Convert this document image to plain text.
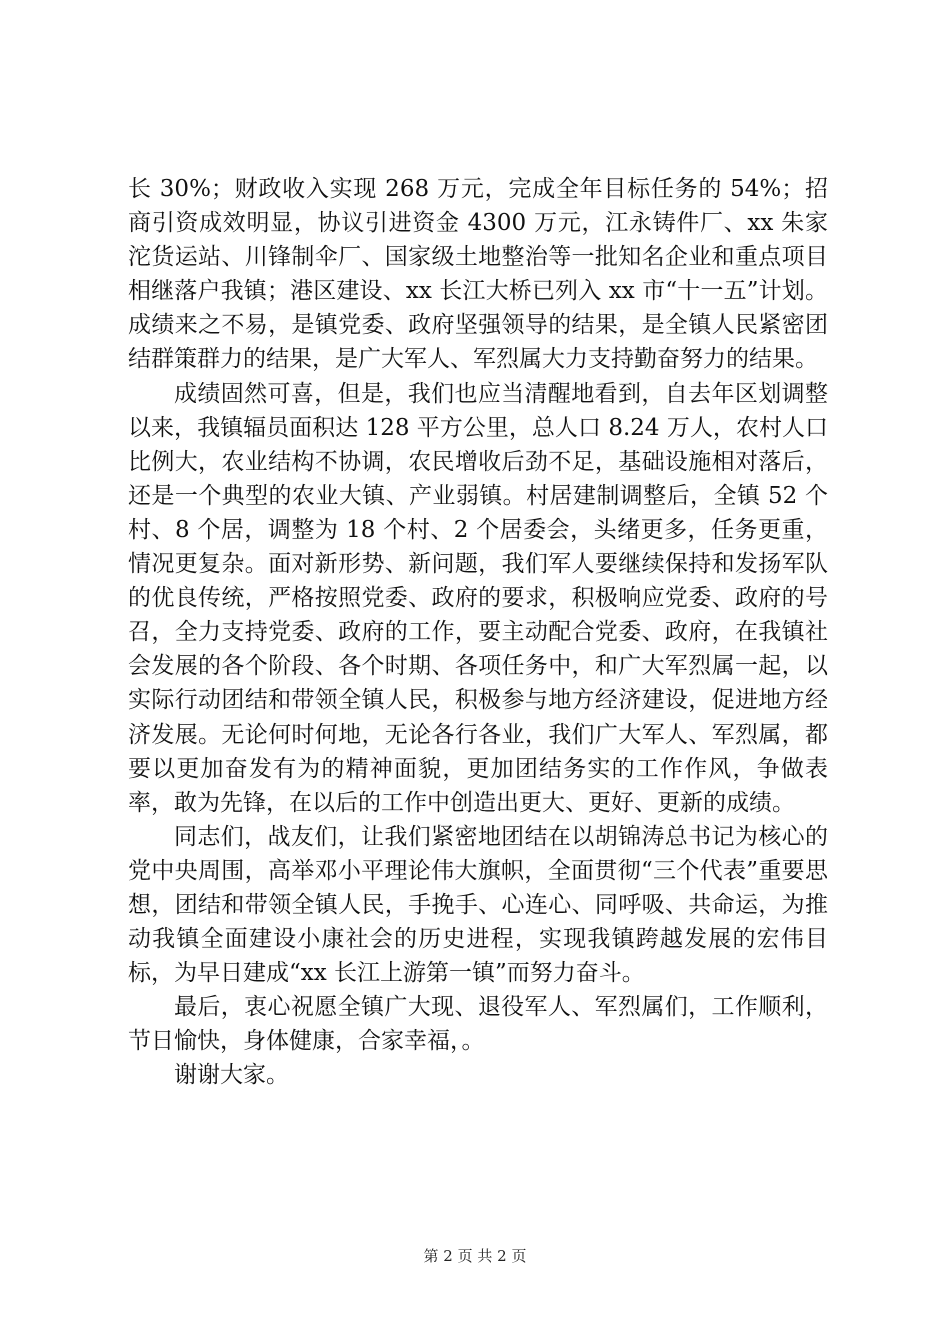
长 30%；财政收入实现 268 万元，完成全年目标任务的 54%；招商引资成效明显，协议引进资金 4300 万元，江永铸件厂、xx 朱家沱货运站、川锋制伞厂、国家级土地整治等一批知名企业和重点项目相继落户我镇；港区建设、xx 长江大桥已列入 xx 市“十一五”计划。成绩来之不易，是镇党委、政府坚强领导的结果，是全镇人民紧密团结群策群力的结果，是广大军人、军烈属大力支持勤奋努力的结果。

成绩固然可喜，但是，我们也应当清醒地看到，自去年区划调整以来，我镇辐员面积达 128 平方公里，总人口 8.24 万人，农村人口比例大，农业结构不协调，农民增收后劲不足，基础设施相对落后，还是一个典型的农业大镇、产业弱镇。村居建制调整后，全镇 52 个村、8 个居，调整为 18 个村、2 个居委会，头绪更多，任务更重，情况更复杂。面对新形势、新问题，我们军人要继续保持和发扬军队的优良传统，严格按照党委、政府的要求，积极响应党委、政府的号召，全力支持党委、政府的工作，要主动配合党委、政府，在我镇社会发展的各个阶段、各个时期、各项任务中，和广大军烈属一起，以实际行动团结和带领全镇人民，积极参与地方经济建设，促进地方经济发展。无论何时何地，无论各行各业，我们广大军人、军烈属，都要以更加奋发有为的精神面貌，更加团结务实的工作作风，争做表率，敢为先锋，在以后的工作中创造出更大、更好、更新的成绩。

同志们，战友们，让我们紧密地团结在以胡锦涛总书记为核心的党中央周围，高举邓小平理论伟大旗帜，全面贯彻“三个代表”重要思想，团结和带领全镇人民，手挽手、心连心、同呼吸、共命运，为推动我镇全面建设小康社会的历史进程，实现我镇跨越发展的宏伟目标，为早日建成“xx 长江上游第一镇”而努力奋斗。

最后，衷心祝愿全镇广大现、退役军人、军烈属们，工作顺利，节日愉快，身体健康，合家幸福，。

谢谢大家。

第 2 页 共 2 页
